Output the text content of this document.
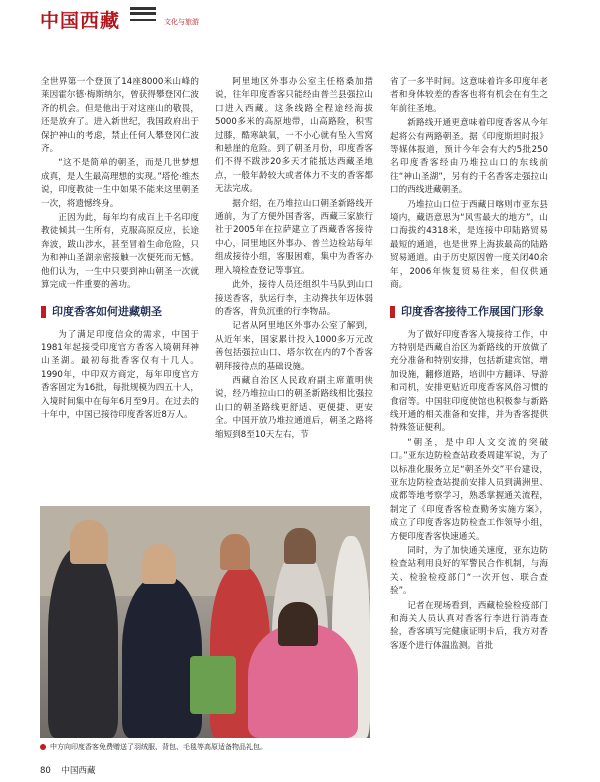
中国西藏	文化与旅游

全世界第一个登顶了14座8000米山峰的莱因霍尔德·梅斯纳尔，曾获得攀登冈仁波齐的机会。但是他出于对这座山的敬畏，还是放弃了。进入新世纪，我国政府出于保护神山的考虑，禁止任何人攀登冈仁波齐。

“这不是简单的朝圣，而是几世梦想成真，是人生最高理想的实现。”塔伦·维杰说，印度教徒一生中如果不能来这里朝圣一次，将遗憾终身。

正因为此，每年均有成百上千名印度教徒倾其一生所有，克服高原反应，长途奔波，跋山涉水，甚至冒着生命危险，只为和神山圣湖亲密接触一次便死而无憾。他们认为，一生中只要到神山朝圣一次就算完成一件重要的善功。

印度香客如何进藏朝圣

为了满足印度信众的需求，中国于1981年起接受印度官方香客入境朝拜神山圣湖。最初每批香客仅有十几人。1990年，中印双方商定，每年印度官方香客固定为16批，每批规模为四五十人，入境时间集中在每年6月至9月。在过去的十年中，中国已接待印度香客近8万人。

阿里地区外事办公室主任格桑加措说，往年印度香客只能经由普兰县强拉山口进入西藏。这条线路全程途经海拔5000多米的高原地带，山高路险，积雪过膝，酷寒缺氧，一不小心就有坠入雪窝和悬崖的危险。到了朝圣月份，印度香客们不得不跋涉20多天才能抵达西藏圣地点，一般年龄较大或者体力不支的香客都无法完成。

据介绍，在乃堆拉山口朝圣新路线开通前，为了方便外国香客，西藏三家旅行社于2005年在拉萨建立了西藏香客接待中心，同里地区外事办、普兰边检站每年组成接待小组，客服困难，集中为香客办理入境检查登记等事宜。

此外，接待人员还组织牛马队到山口接送香客，驮运行李，主动搀扶年迈体弱的香客，背负沉重的行李物品。

记者从阿里地区外事办公室了解到，从近年来，国家累计投入1000多万元改善包括强拉山口、塔尔钦在内的7个香客朝拜接待点的基础设施。

西藏自治区人民政府副主席董明侠说，经乃堆拉山口的朝圣新路线相比强拉山口的朝圣路线更舒适、更便捷、更安全。中国开放乃堆拉通道后，朝圣之路将缩短到8至10天左右，节

省了一多半时间。这意味着许多印度年老者和身体较差的香客也将有机会在有生之年前往圣地。

新路线开通更意味着印度香客从今年起将公有两路朝圣。据《印度斯坦时报》等媒体报道，预计今年会有大约5批250名印度香客经由乃堆拉山口的东线前往“神山圣湖”，另有约千名香客走强拉山口的西线进藏朝圣。

乃堆拉山口位于西藏日喀则市亚东县境内，藏语意思为“风雪最大的地方”，山口海拔约4318米，是连接中印陆路贸易最短的通道，也是世界上海拔最高的陆路贸易通道。由于历史原因曾一度关闭40余年，2006年恢复贸易往来，但仅供通商。

印度香客接待工作展国门形象

为了做好印度香客入境接待工作，中方特别是西藏自治区为新路线的开放做了充分准备和特别安排，包括新建宾馆，增加设施，翻修道路，培训中方翻译、导游和司机，安排更贴近印度香客风俗习惯的食宿等。中国驻印度使馆也积极参与新路线开通的相关准备和安排，并为香客提供特殊签证便利。

“朝圣，是中印人文交流的突破口。”亚东边防检查站政委周建军说，为了以标准化服务立足“朝圣外交”平台建设，亚东边防检查站提前安排人员到满洲里、成都等地考察学习，熟悉掌握通关流程，制定了《印度香客检查勤务实施方案》，成立了印度香客边防检查工作领导小组，方便印度香客快速通关。

同时，为了加快通关速度，亚东边防检查站利用良好的军警民合作机制，与海关、检验检疫部门“一次开包、联合查验”。

记者在现场看到，西藏检验检疫部门和海关人员认真对香客行李进行消毒查验，香客填写完健康证明卡后，我方对香客逐个进行体温监测。首批

中方向印度香客免费赠送了羽绒服、背包、毛毯等高原适备物品礼包。
80 中国西藏
